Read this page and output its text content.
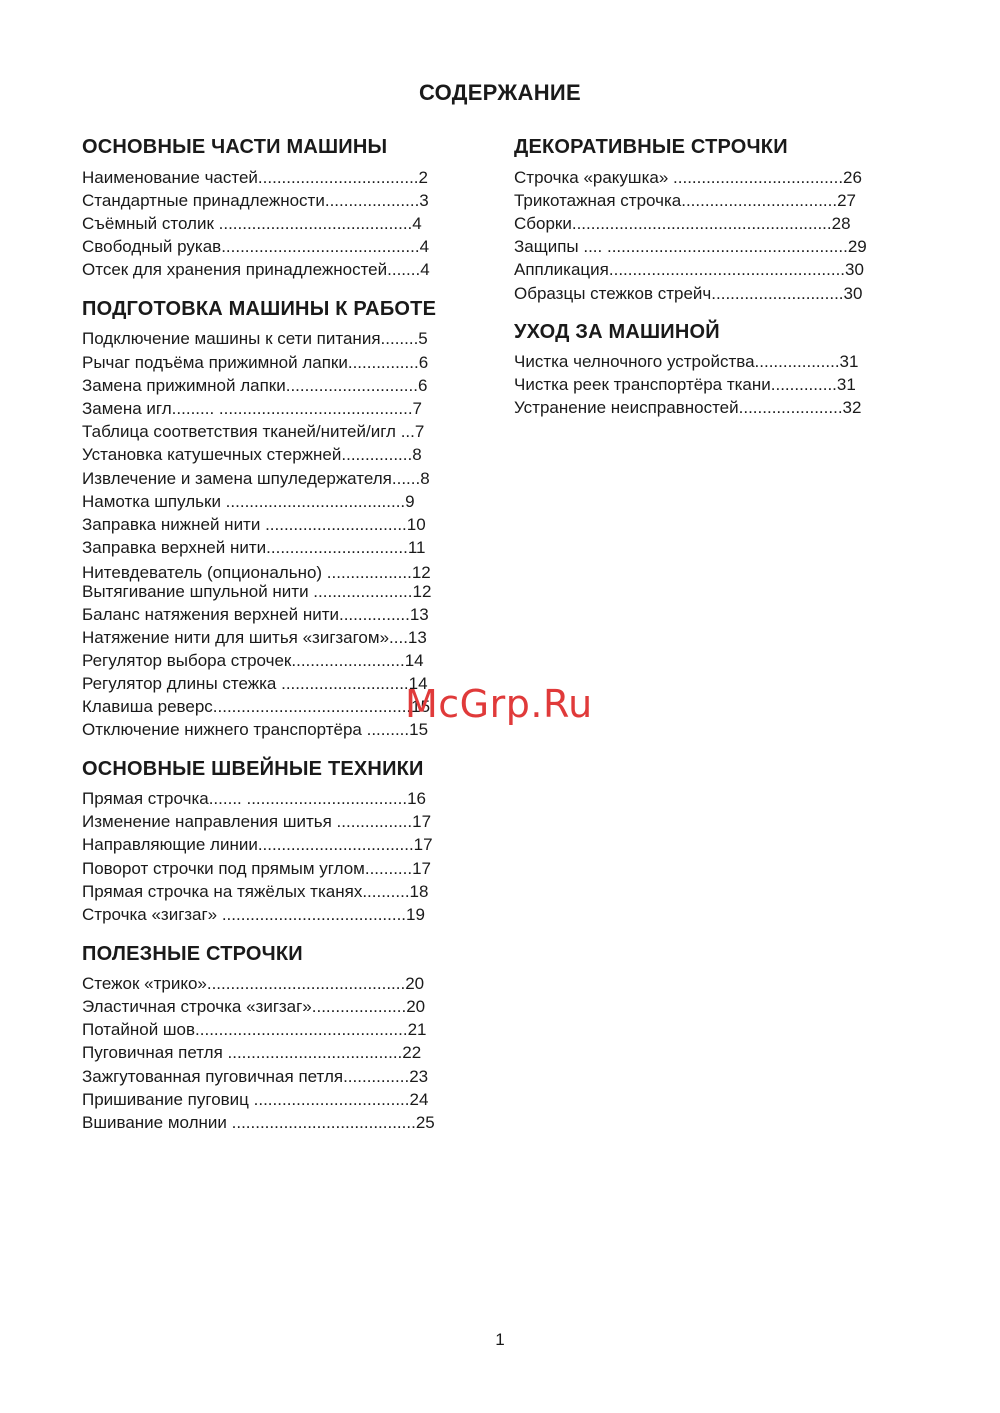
СОДЕРЖАНИЕ
ОСНОВНЫЕ ЧАСТИ МАШИНЫ
Наименование частей..................................2
Стандартные принадлежности....................3
Съёмный столик .........................................4
Свободный рукав..........................................4
Отсек для хранения принадлежностей.......4
ПОДГОТОВКА МАШИНЫ К РАБОТЕ
Подключение машины к сети питания........5
Рычаг подъёма прижимной лапки...............6
Замена прижимной лапки............................6
Замена игл......... .........................................7
Таблица соответствия тканей/нитей/игл ...7
Установка катушечных стержней...............8
Извлечение и замена шпуледержателя......8
Намотка шпульки ......................................9
Заправка нижней нити ..............................10
Заправка верхней нити..............................11
Нитевдеватель (опционально) ..................12
Вытягивание шпульной нити .....................12
Баланс натяжения верхней нити...............13
Натяжение нити для шитья «зигзагом»....13
Регулятор выбора строчек........................14
Регулятор длины стежка ...........................14
Клавиша реверс..........................................15
Отключение нижнего транспортёра .........15
ОСНОВНЫЕ ШВЕЙНЫЕ ТЕХНИКИ
Прямая строчка....... ..................................16
Изменение направления шитья ................17
Направляющие линии.................................17
Поворот строчки под прямым углом..........17
Прямая строчка на тяжёлых тканях..........18
Строчка «зигзаг» .......................................19
ПОЛЕЗНЫЕ СТРОЧКИ
Стежок «трико»..........................................20
Эластичная строчка «зигзаг»....................20
Потайной шов.............................................21
Пуговичная петля .....................................22
Зажгутованная пуговичная петля..............23
Пришивание пуговиц .................................24
Вшивание молнии .......................................25
ДЕКОРАТИВНЫЕ СТРОЧКИ
Строчка «ракушка» ....................................26
Трикотажная строчка.................................27
Сборки.......................................................28
Защипы .... ...................................................29
Аппликация..................................................30
Образцы стежков стрейч............................30
УХОД ЗА МАШИНОЙ
Чистка челночного устройства..................31
Чистка реек транспортёра ткани..............31
Устранение неисправностей......................32
McGrp.Ru
1
